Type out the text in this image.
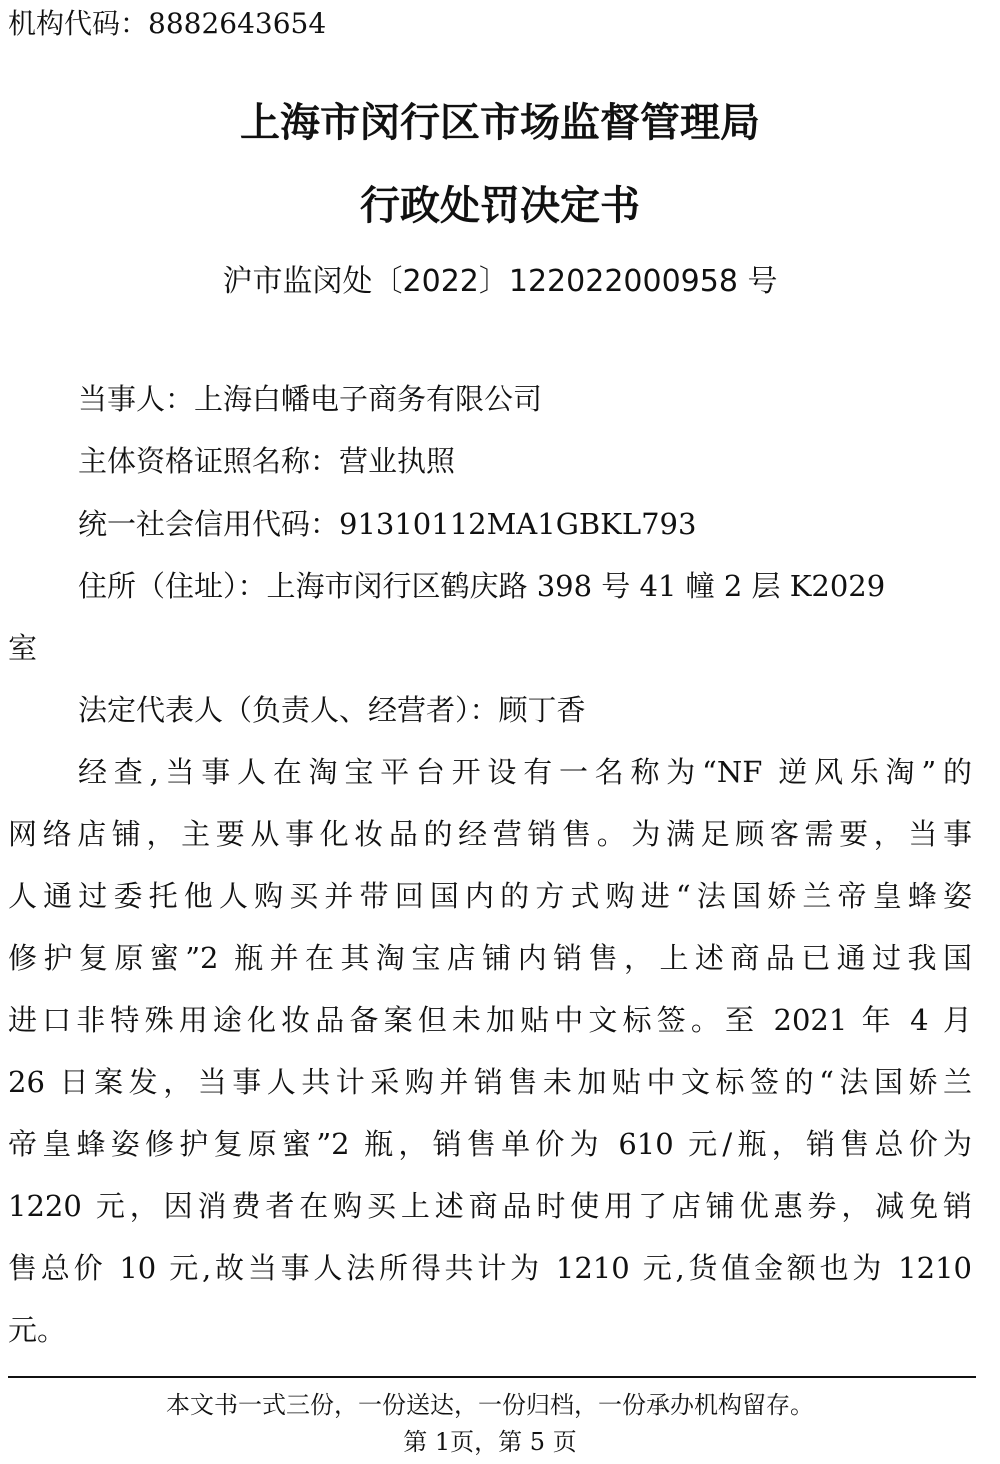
机构代码：8882643654
上海市闵行区市场监督管理局
行政处罚决定书
沪市监闵处〔2022〕122022000958 号
当事人：上海白幡电子商务有限公司
主体资格证照名称：营业执照
统一社会信用代码：91310112MA1GBKL793
住所（住址）：上海市闵行区鹤庆路 398 号 41 幢 2 层 K2029
室
法定代表人（负责人、经营者）：顾丁香
经查,当事人在淘宝平台开设有一名称为“NF 逆风乐淘”的
网络店铺，主要从事化妆品的经营销售。为满足顾客需要，当事
人通过委托他人购买并带回国内的方式购进“法国娇兰帝皇蜂姿
修护复原蜜”2 瓶并在其淘宝店铺内销售，上述商品已通过我国
进口非特殊用途化妆品备案但未加贴中文标签。至 2021 年 4 月
26 日案发，当事人共计采购并销售未加贴中文标签的“法国娇兰
帝皇蜂姿修护复原蜜”2 瓶，销售单价为 610 元/瓶，销售总价为
1220 元，因消费者在购买上述商品时使用了店铺优惠券，减免销
售总价 10 元,故当事人法所得共计为 1210 元,货值金额也为 1210
元。
本文书一式三份，一份送达，一份归档，一份承办机构留存。
第 1页，第 5 页
